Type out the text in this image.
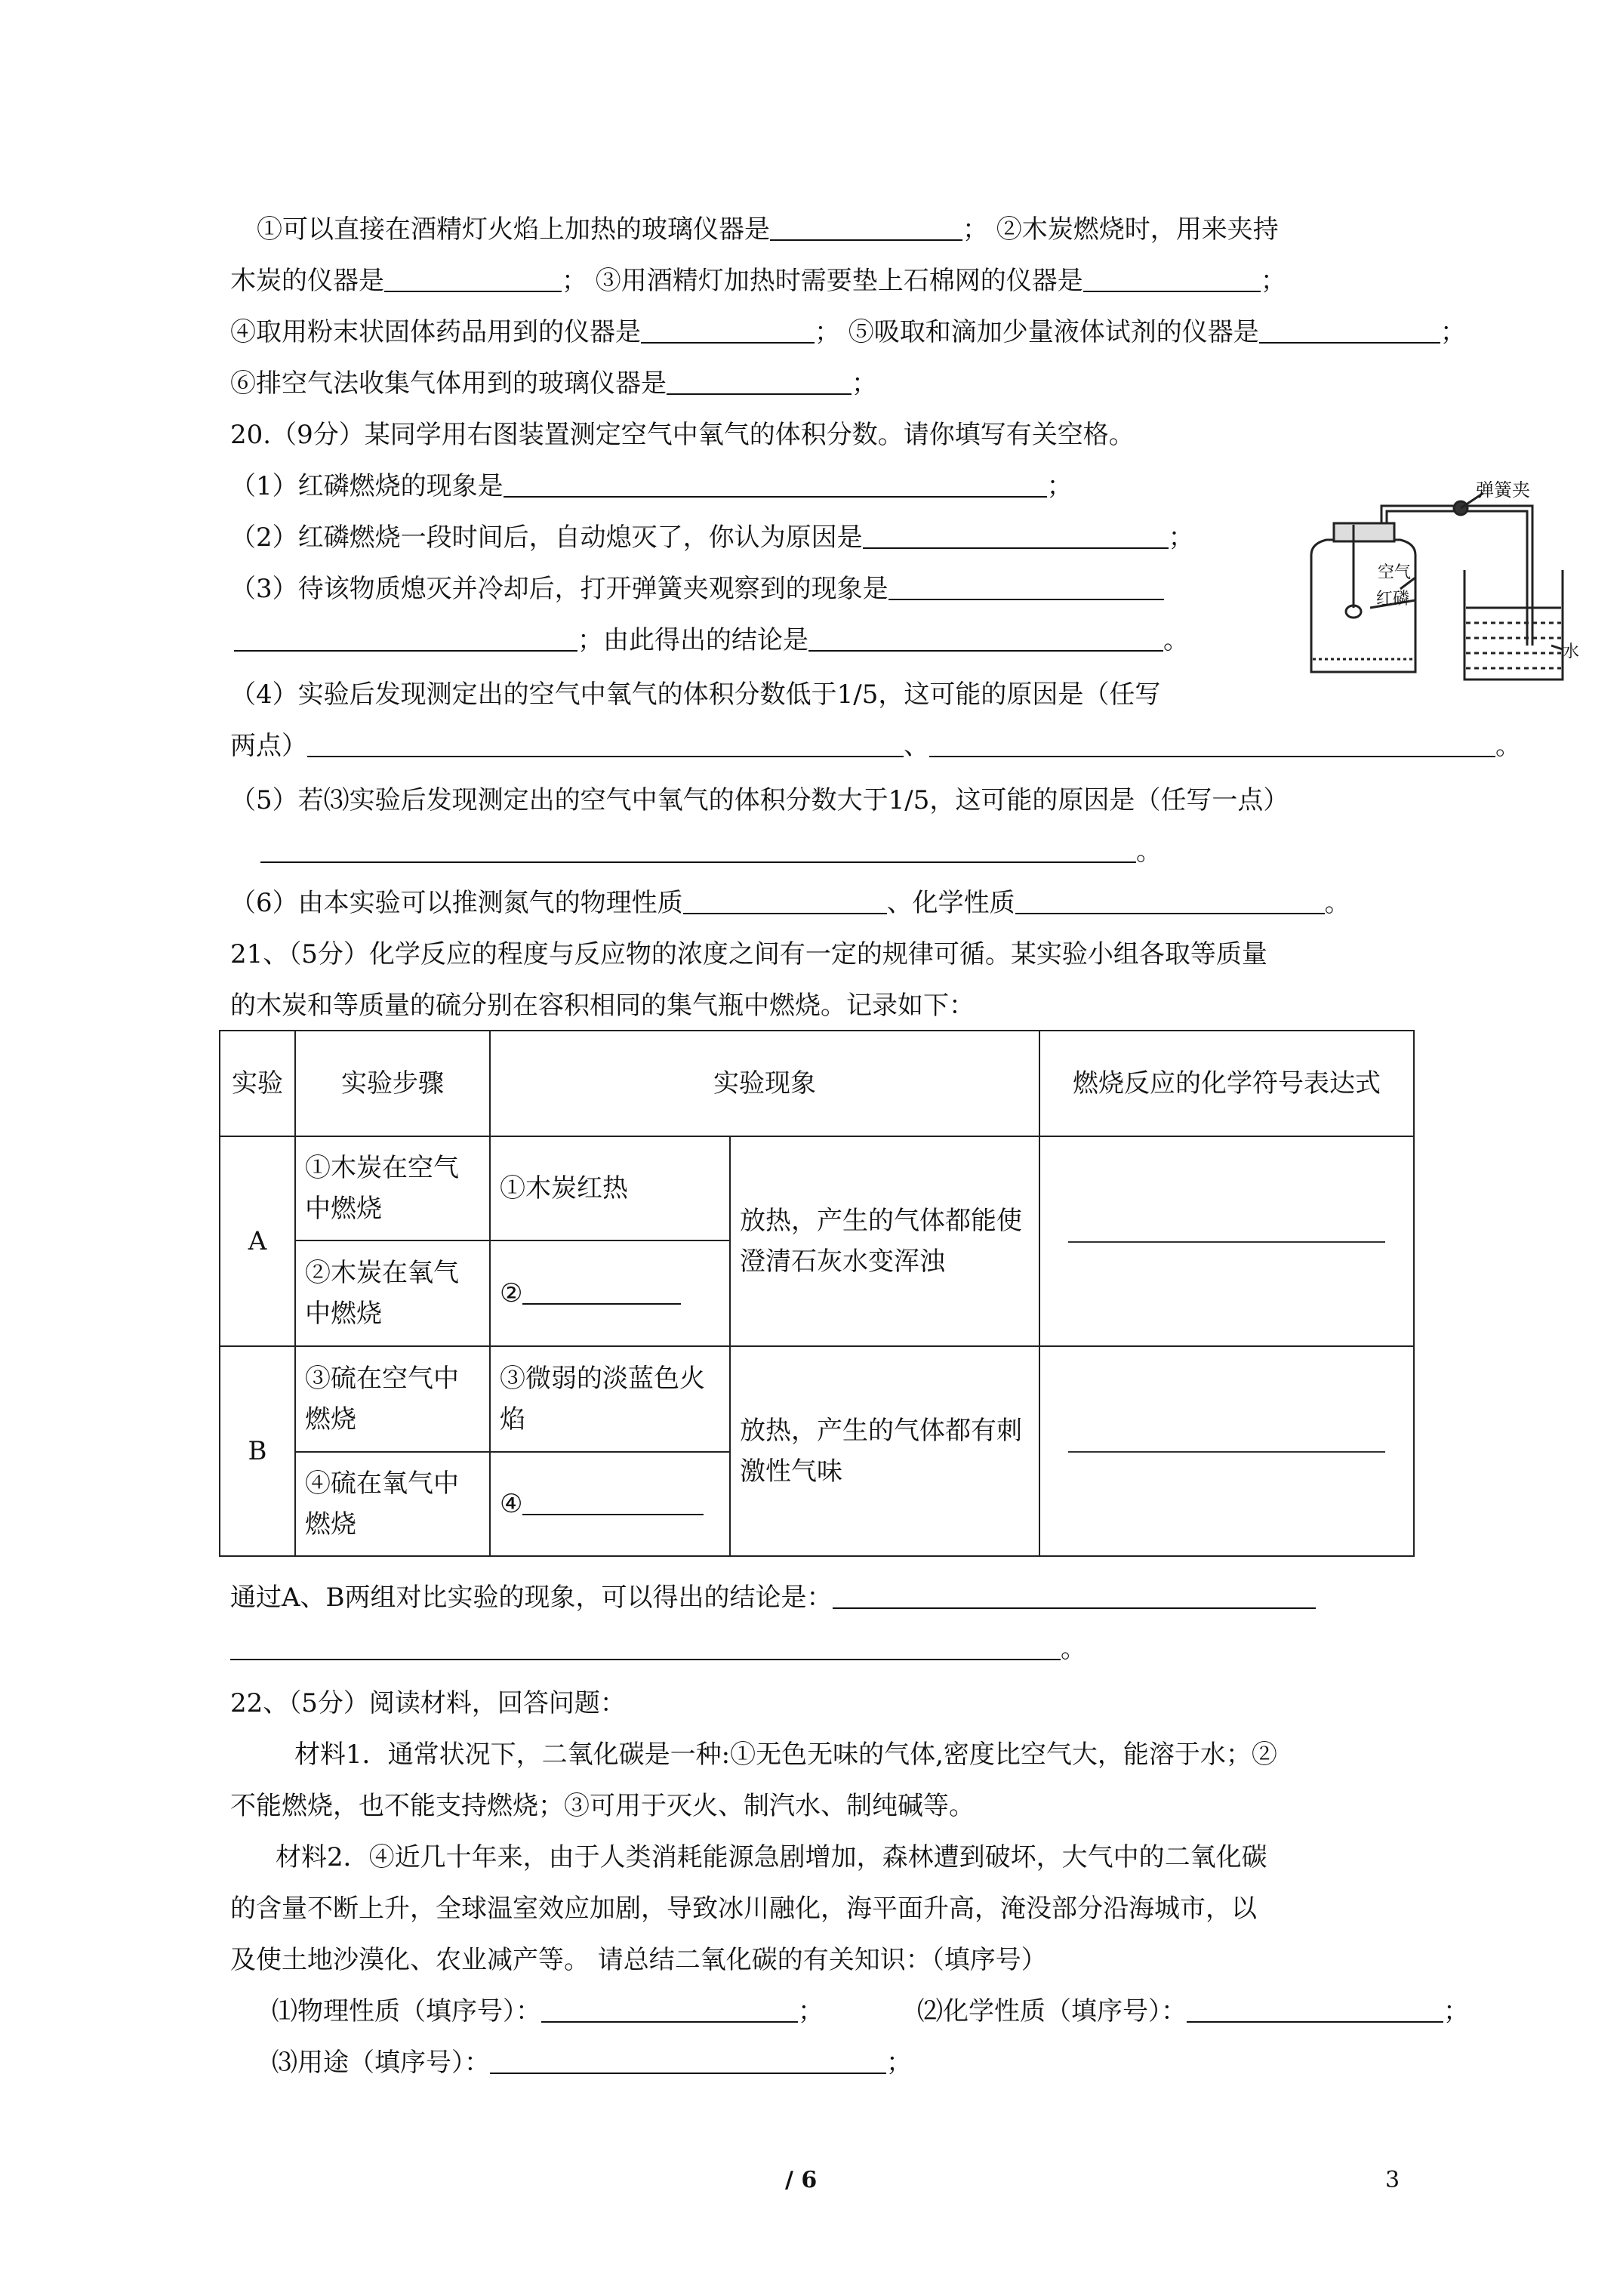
①可以直接在酒精灯火焰上加热的玻璃仪器是	； ②木炭燃烧时，用来夹持
木炭的仪器是	； ③用酒精灯加热时需要垫上石棉网的仪器是	；
④取用粉末状固体药品用到的仪器是	； ⑤吸取和滴加少量液体试剂的仪器是	；
⑥排空气法收集气体用到的玻璃仪器是	；
20.（9分）某同学用右图装置测定空气中氧气的体积分数。请你填写有关空格。
（1）红磷燃烧的现象是	；
（2）红磷燃烧一段时间后，自动熄灭了，你认为原因是	；
（3）待该物质熄灭并冷却后，打开弹簧夹观察到的现象是
；由此得出的结论是	。
（4）实验后发现测定出的空气中氧气的体积分数低于1/5，这可能的原因是（任写
两点）	、	。
（5）若⑶实验后发现测定出的空气中氧气的体积分数大于1/5，这可能的原因是（任写一点）
。
（6）由本实验可以推测氮气的物理性质	、化学性质	。
弹簧夹
空气
红磷
水
21、（5分）化学反应的程度与反应物的浓度之间有一定的规律可循。某实验小组各取等质量
的木炭和等质量的硫分别在容积相同的集气瓶中燃烧。记录如下：
实验	实验步骤	实验现象		燃烧反应的化学符号表达式
A	①木炭在空气中燃烧	①木炭红热	放热，产生的气体都能使澄清石灰水变浑浊	

	②木炭在氧气中燃烧	②		
B	③硫在空气中燃烧	③微弱的淡蓝色火焰	放热，产生的气体都有刺激性气味	

	④硫在氧气中燃烧	④		
通过A、B两组对比实验的现象，可以得出的结论是：
。
22、（5分）阅读材料，回答问题：
材料1．通常状况下，二氧化碳是一种:①无色无味的气体,密度比空气大，能溶于水；②
不能燃烧，也不能支持燃烧；③可用于灭火、制汽水、制纯碱等。
材料2．④近几十年来，由于人类消耗能源急剧增加，森林遭到破坏，大气中的二氧化碳
的含量不断上升，全球温室效应加剧，导致冰川融化，海平面升高，淹没部分沿海城市，以
及使土地沙漠化、农业减产等。 请总结二氧化碳的有关知识：（填序号）
⑴物理性质（填序号）：	；	⑵化学性质（填序号）：	；
⑶用途（填序号）：	；
/ 6	3
